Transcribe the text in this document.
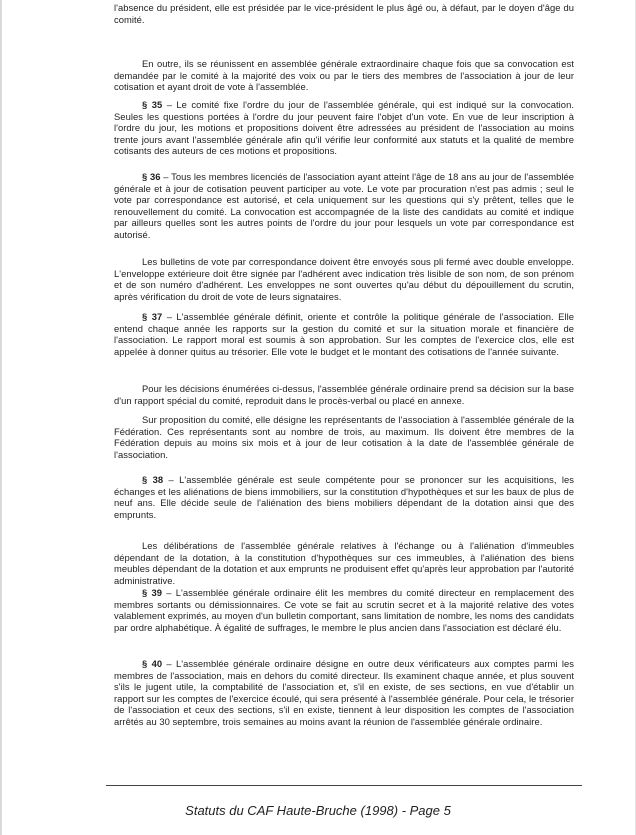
l'absence du président, elle est présidée par le vice-président le plus âgé ou, à défaut, par le doyen d'âge du comité.

En outre, ils se réunissent en assemblée générale extraordinaire chaque fois que sa convocation est demandée par le comité à la majorité des voix ou par le tiers des membres de l'association à jour de leur cotisation et ayant droit de vote à l'assemblée.

§ 35 – Le comité fixe l'ordre du jour de l'assemblée générale, qui est indiqué sur la convocation. Seules les questions portées à l'ordre du jour peuvent faire l'objet d'un vote. En vue de leur inscription à l'ordre du jour, les motions et propositions doivent être adressées au président de l'association au moins trente jours avant l'assemblée générale afin qu'il vérifie leur conformité aux statuts et la qualité de membre cotisants des auteurs de ces motions et propositions.

§ 36 – Tous les membres licenciés de l'association ayant atteint l'âge de 18 ans au jour de l'assemblée générale et à jour de cotisation peuvent participer au vote. Le vote par procuration n'est pas admis ; seul le vote par correspondance est autorisé, et cela uniquement sur les questions qui s'y prêtent, telles que le renouvellement du comité. La convocation est accompagnée de la liste des candidats au comité et indique par ailleurs quelles sont les autres points de l'ordre du jour pour lesquels un vote par correspondance est autorisé.

Les bulletins de vote par correspondance doivent être envoyés sous pli fermé avec double enveloppe. L'enveloppe extérieure doit être signée par l'adhérent avec indication très lisible de son nom, de son prénom et de son numéro d'adhérent. Les enveloppes ne sont ouvertes qu'au début du dépouillement du scrutin, après vérification du droit de vote de leurs signataires.

§ 37 – L'assemblée générale définit, oriente et contrôle la politique générale de l'association. Elle entend chaque année les rapports sur la gestion du comité et sur la situation morale et financière de l'association. Le rapport moral est soumis à son approbation. Sur les comptes de l'exercice clos, elle est appelée à donner quitus au trésorier. Elle vote le budget et le montant des cotisations de l'année suivante.

Pour les décisions énumérées ci-dessus, l'assemblée générale ordinaire prend sa décision sur la base d'un rapport spécial du comité, reproduit dans le procès-verbal ou placé en annexe.

Sur proposition du comité, elle désigne les représentants de l'association à l'assemblée générale de la Fédération. Ces représentants sont au nombre de trois, au maximum. Ils doivent être membres de la Fédération depuis au moins six mois et à jour de leur cotisation à la date de l'assemblée générale de l'association.

§ 38 – L'assemblée générale est seule compétente pour se prononcer sur les acquisitions, les échanges et les aliénations de biens immobiliers, sur la constitution d'hypothèques et sur les baux de plus de neuf ans. Elle décide seule de l'aliénation des biens mobiliers dépendant de la dotation ainsi que des emprunts.

Les délibérations de l'assemblée générale relatives à l'échange ou à l'aliénation d'immeubles dépendant de la dotation, à la constitution d'hypothèques sur ces immeubles, à l'aliénation des biens meubles dépendant de la dotation et aux emprunts ne produisent effet qu'après leur approbation par l'autorité administrative.

§ 39 – L'assemblée générale ordinaire élit les membres du comité directeur en remplacement des membres sortants ou démissionnaires. Ce vote se fait au scrutin secret et à la majorité relative des votes valablement exprimés, au moyen d'un bulletin comportant, sans limitation de nombre, les noms des candidats par ordre alphabétique. À égalité de suffrages, le membre le plus ancien dans l'association est déclaré élu.

§ 40 – L'assemblée générale ordinaire désigne en outre deux vérificateurs aux comptes parmi les membres de l'association, mais en dehors du comité directeur. Ils examinent chaque année, et plus souvent s'ils le jugent utile, la comptabilité de l'association et, s'il en existe, de ses sections, en vue d'établir un rapport sur les comptes de l'exercice écoulé, qui sera présenté à l'assemblée générale. Pour cela, le trésorier de l'association et ceux des sections, s'il en existe, tiennent à leur disposition les comptes de l'association arrêtés au 30 septembre, trois semaines au moins avant la réunion de l'assemblée générale ordinaire.

Statuts du CAF Haute-Bruche (1998) - Page 5
